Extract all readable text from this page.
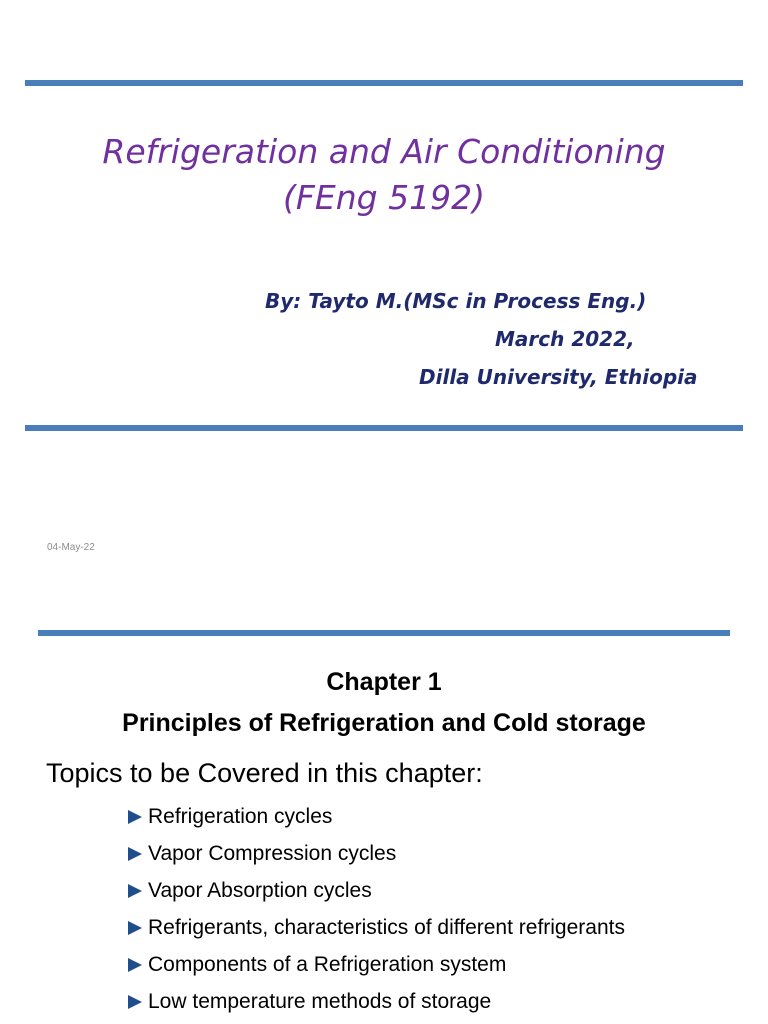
Refrigeration and Air Conditioning
(FEng 5192)
By: Tayto M.(MSc in Process Eng.)
March 2022,
Dilla University, Ethiopia
04-May-22
Chapter 1
Principles of Refrigeration and Cold storage
Topics to be Covered in this chapter:
Refrigeration cycles
Vapor Compression cycles
Vapor Absorption cycles
Refrigerants, characteristics of different refrigerants
Components of a Refrigeration system
Low temperature methods of storage
